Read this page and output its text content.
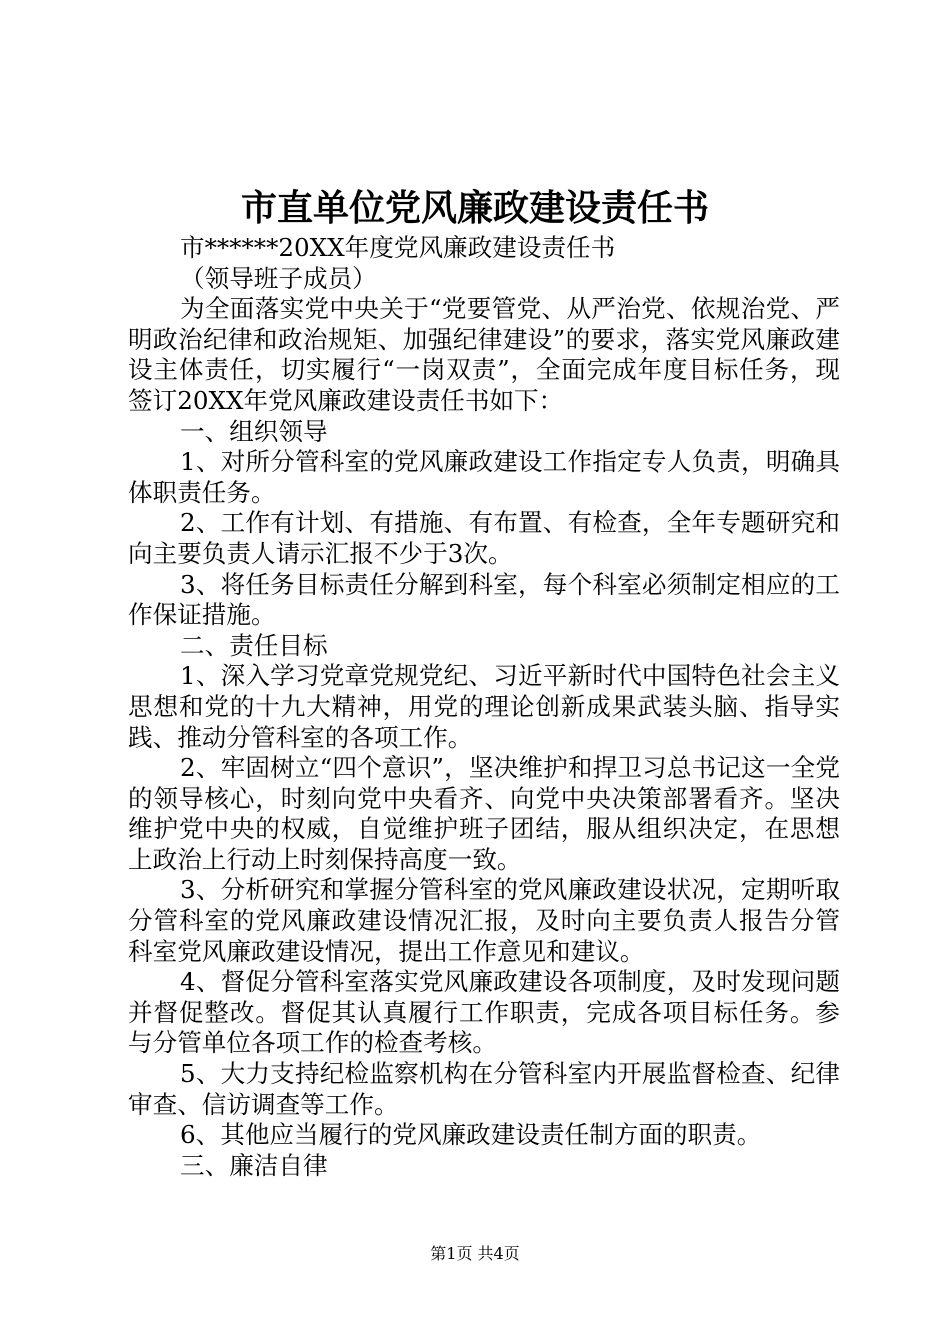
市直单位党风廉政建设责任书

市******20XX年度党风廉政建设责任书

（领导班子成员）

为全面落实党中央关于“党要管党、从严治党、依规治党、严明政治纪律和政治规矩、加强纪律建设”的要求，落实党风廉政建设主体责任，切实履行“一岗双责”，全面完成年度目标任务，现签订20XX年党风廉政建设责任书如下：

一、组织领导

1、对所分管科室的党风廉政建设工作指定专人负责，明确具体职责任务。

2、工作有计划、有措施、有布置、有检查，全年专题研究和向主要负责人请示汇报不少于3次。

3、将任务目标责任分解到科室，每个科室必须制定相应的工作保证措施。

二、责任目标

1、深入学习党章党规党纪、习近平新时代中国特色社会主义思想和党的十九大精神，用党的理论创新成果武装头脑、指导实践、推动分管科室的各项工作。

2、牢固树立“四个意识”，坚决维护和捍卫习总书记这一全党的领导核心，时刻向党中央看齐、向党中央决策部署看齐。坚决维护党中央的权威，自觉维护班子团结，服从组织决定，在思想上政治上行动上时刻保持高度一致。

3、分析研究和掌握分管科室的党风廉政建设状况，定期听取分管科室的党风廉政建设情况汇报，及时向主要负责人报告分管科室党风廉政建设情况，提出工作意见和建议。

4、督促分管科室落实党风廉政建设各项制度，及时发现问题并督促整改。督促其认真履行工作职责，完成各项目标任务。参与分管单位各项工作的检查考核。

5、大力支持纪检监察机构在分管科室内开展监督检查、纪律审查、信访调查等工作。

6、其他应当履行的党风廉政建设责任制方面的职责。

三、廉洁自律

第1页 共4页
